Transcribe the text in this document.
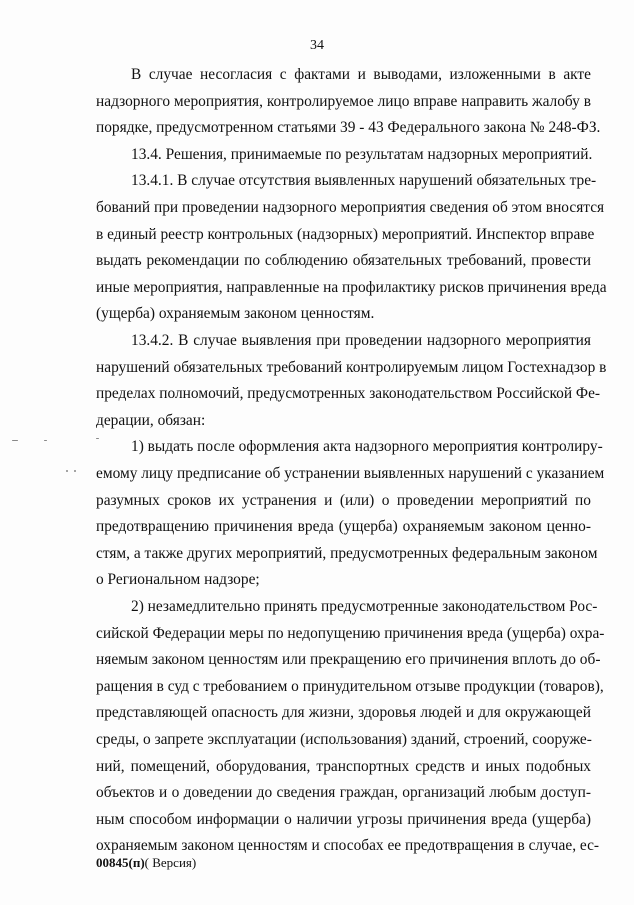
34
В случае несогласия с фактами и выводами, изложенными в акте
надзорного мероприятия, контролируемое лицо вправе направить жалобу в
порядке, предусмотренном статьями 39 - 43 Федерального закона № 248-ФЗ.
13.4. Решения, принимаемые по результатам надзорных мероприятий.
13.4.1. В случае отсутствия выявленных нарушений обязательных тре-
бований при проведении надзорного мероприятия сведения об этом вносятся
в единый реестр контрольных (надзорных) мероприятий. Инспектор вправе
выдать рекомендации по соблюдению обязательных требований, провести
иные мероприятия, направленные на профилактику рисков причинения вреда
(ущерба) охраняемым законом ценностям.
13.4.2. В случае выявления при проведении надзорного мероприятия
нарушений обязательных требований контролируемым лицом Гостехнадзор в
пределах полномочий, предусмотренных законодательством Российской Фе-
дерации, обязан:
1) выдать после оформления акта надзорного мероприятия контролиру-
емому лицу предписание об устранении выявленных нарушений с указанием
разумных сроков их устранения и (или) о проведении мероприятий по
предотвращению причинения вреда (ущерба) охраняемым законом ценно-
стям, а также других мероприятий, предусмотренных федеральным законом
о Региональном надзоре;
2) незамедлительно принять предусмотренные законодательством Рос-
сийской Федерации меры по недопущению причинения вреда (ущерба) охра-
няемым законом ценностям или прекращению его причинения вплоть до об-
ращения в суд с требованием о принудительном отзыве продукции (товаров),
представляющей опасность для жизни, здоровья людей и для окружающей
среды, о запрете эксплуатации (использования) зданий, строений, сооруже-
ний, помещений, оборудования, транспортных средств и иных подобных
объектов и о доведении до сведения граждан, организаций любым доступ-
ным способом информации о наличии угрозы причинения вреда (ущерба)
00845(п)( Версия)
охраняемым законом ценностям и способах ее предотвращения в случае, ес-
